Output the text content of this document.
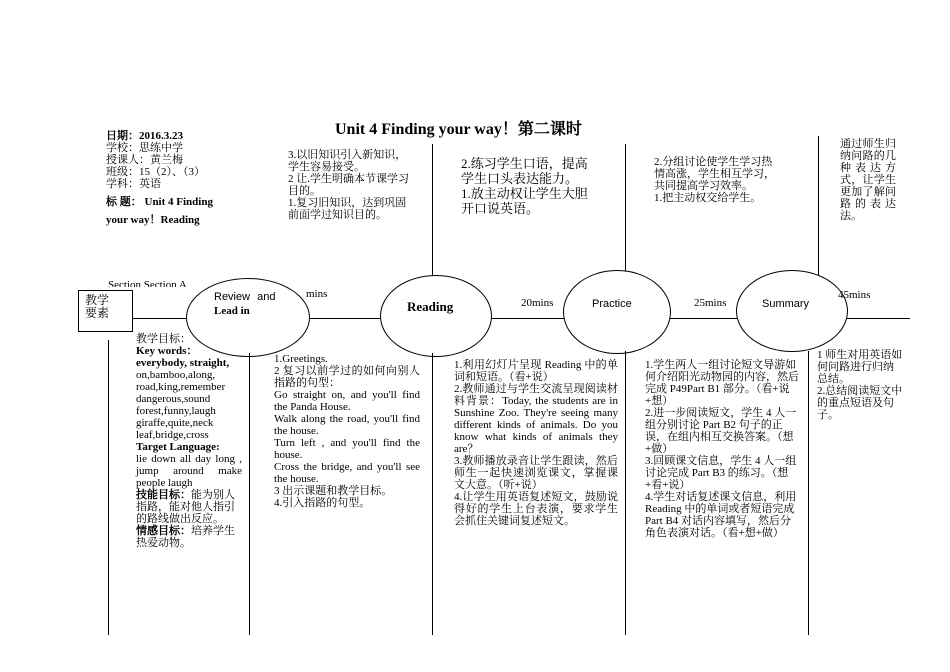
Unit 4 Finding your way！第二课时
日期：2016.3.23
学校：思练中学
授课人：黄兰梅
班级：15（2）、（3）
学科：英语
标 题： Unit 4 Finding your way！Reading
3.以旧知识引入新知识，学生容易接受。
2 让.学生明确本节课学习目的。
1.复习旧知识，达到巩固前面学过知识目的。
2.练习学生口语，提高学生口头表达能力。
1.放主动权让学生大胆开口说英语。
2.分组讨论使学生学习热情高涨，学生相互学习，共同提高学习效率。
1.把主动权交给学生。
通过师生归纳问路的几种表达方式，让学生更加了解问路的表达法。
Section Section A
教学
要素
Review and
Lead in	Reading	Practice	Summary
mins
20mins	25mins
45mins
教学目标：
Key words：
everybody, straight,
on,bamboo,along, road,king,remember dangerous,sound forest,funny,laugh giraffe,quite,neck leaf,bridge,cross
Target Language:
lie down all day long , jump around make people laugh
技能目标：能为别人指路，能对他人指引的路线做出反应。
情感目标：培养学生热爱动物。
1.Greetings.
2 复习以前学过的如何向别人指路的句型：
Go straight on, and you'll find the Panda House.
Walk along the road, you'll find the house.
Turn left , and you'll find the house.
Cross the bridge, and you'll see the house.
3 出示课题和教学目标。
4.引入指路的句型。
1.利用幻灯片呈现 Reading 中的单词和短语。（看+说）
2.教师通过与学生交流呈现阅读材料背景：Today, the students are in Sunshine Zoo. They're seeing many different kinds of animals. Do you know what kinds of animals they are？
3.教师播放录音让学生跟读，然后师生一起快速浏览课文，掌握课文大意。（听+说）
4.让学生用英语复述短文，鼓励说得好的学生上台表演，要求学生会抓住关键词复述短文。
1.学生两人一组讨论短文导游如何介绍阳光动物园的内容，然后完成 P49Part B1 部分。（看+说+想）
2.进一步阅读短文，学生 4 人一组分别讨论 Part B2 句子的正误，在组内相互交换答案。（想+做）
3.回顾课文信息，学生 4 人一组讨论完成 Part B3 的练习。（想+看+说）
4.学生对话复述课文信息，利用 Reading 中的单词或者短语完成 Part B4 对话内容填写，然后分角色表演对话。（看+想+做）
1 师生对用英语如何问路进行归纳总结。
2.总结阅读短文中的重点短语及句子。
